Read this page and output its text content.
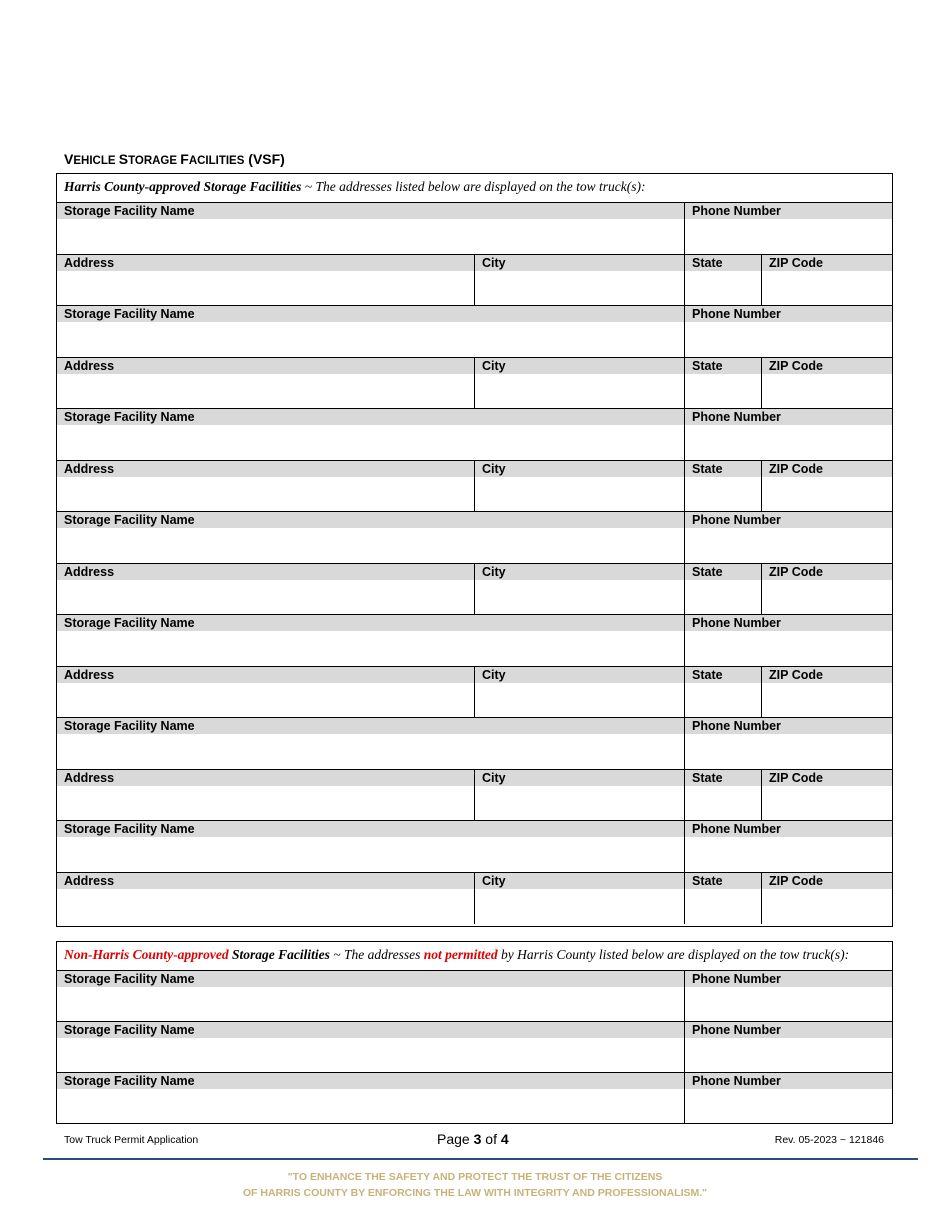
VEHICLE STORAGE FACILITIES (VSF)
Harris County-approved Storage Facilities ~ The addresses listed below are displayed on the tow truck(s):
Storage Facility Name	Phone Number
Address	City	State	ZIP Code
Storage Facility Name	Phone Number
Address	City	State	ZIP Code
Storage Facility Name	Phone Number
Address	City	State	ZIP Code
Storage Facility Name	Phone Number
Address	City	State	ZIP Code
Storage Facility Name	Phone Number
Address	City	State	ZIP Code
Storage Facility Name	Phone Number
Address	City	State	ZIP Code
Storage Facility Name	Phone Number
Address	City	State	ZIP Code
Non-Harris County-approved Storage Facilities ~ The addresses not permitted by Harris County listed below are displayed on the tow truck(s):
Storage Facility Name	Phone Number
Storage Facility Name	Phone Number
Storage Facility Name	Phone Number
Tow Truck Permit Application	Page 3 of 4	Rev. 05-2023 ~ 121846
"TO ENHANCE THE SAFETY AND PROTECT THE TRUST OF THE CITIZENS
OF HARRIS COUNTY BY ENFORCING THE LAW WITH INTEGRITY AND PROFESSIONALISM."
